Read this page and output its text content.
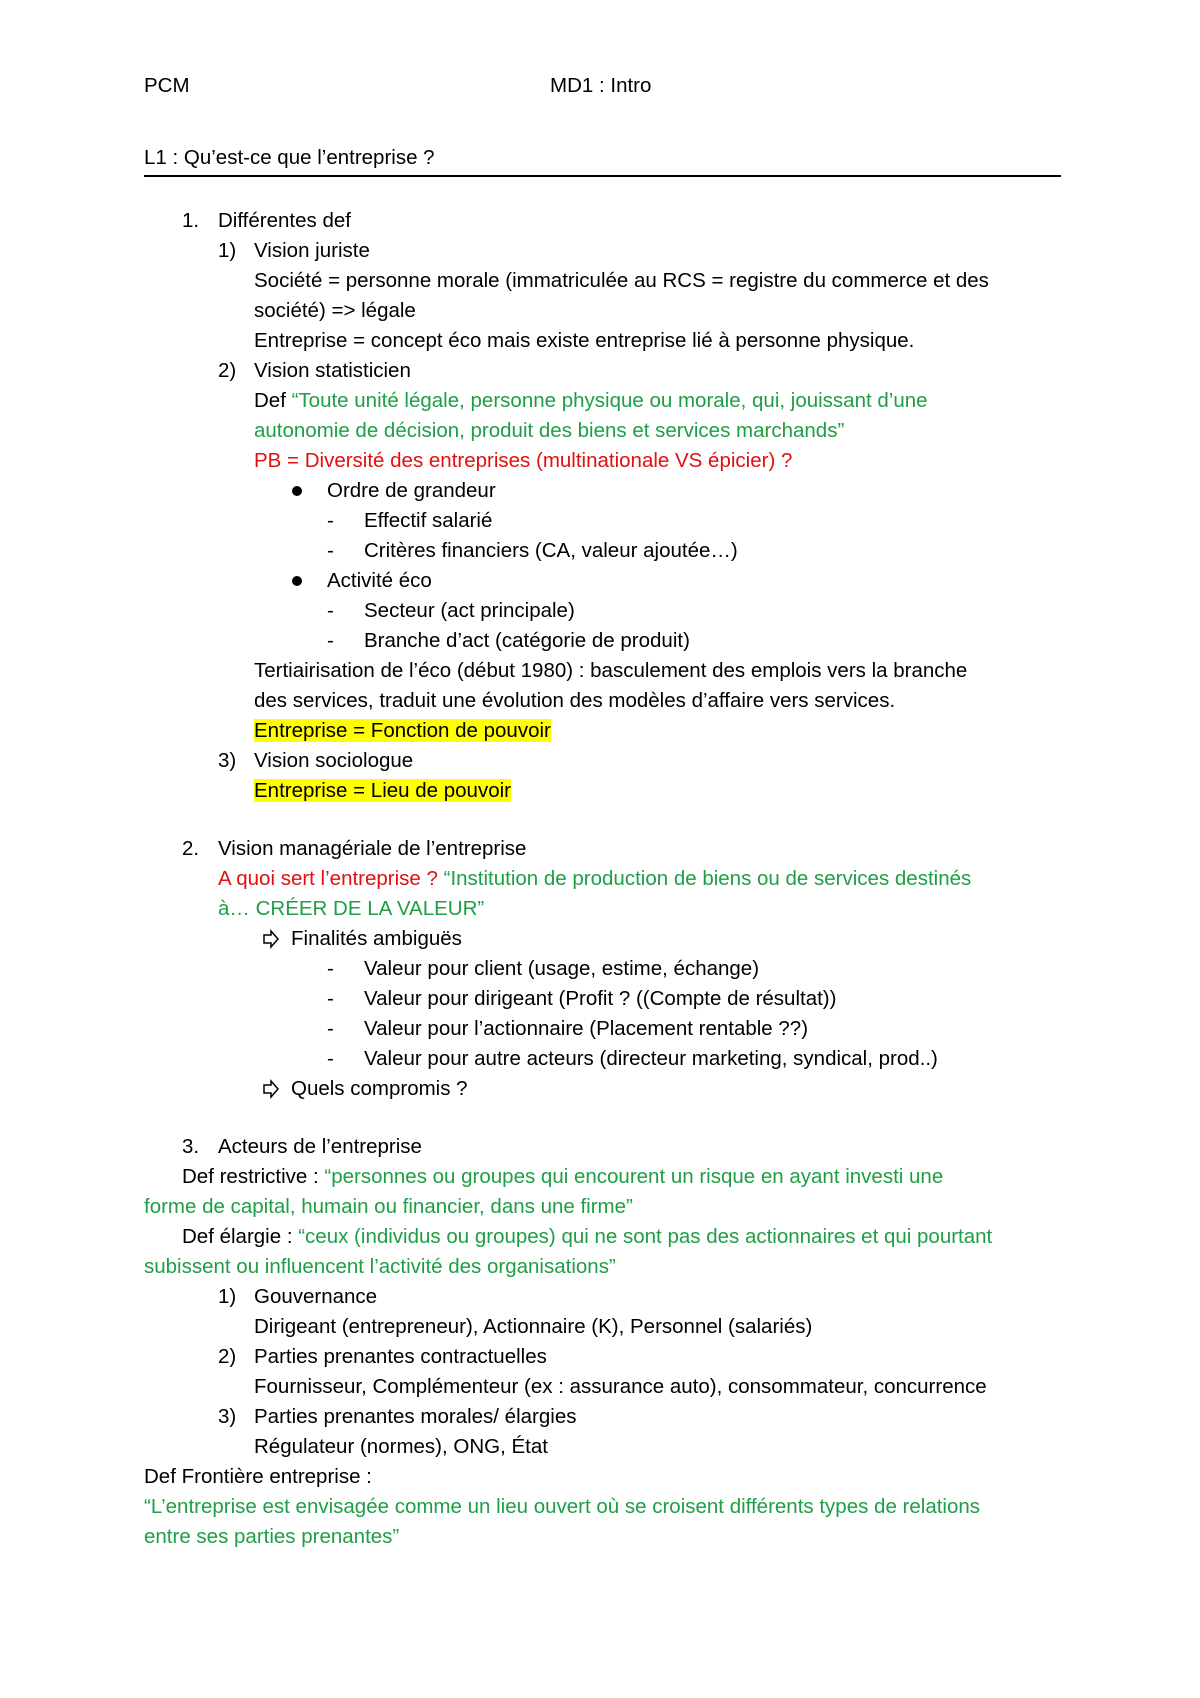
PCM	MD1 : Intro
L1 : Qu’est-ce que l’entreprise ?
1. Différentes def
1) Vision juriste
Société = personne morale (immatriculée au RCS = registre du commerce et des
société) => légale
Entreprise = concept éco mais existe entreprise lié à personne physique.
2) Vision statisticien
Def “Toute unité légale, personne physique ou morale, qui, jouissant d’une
autonomie de décision, produit des biens et services marchands”
PB = Diversité des entreprises (multinationale VS épicier) ?
Ordre de grandeur
- Effectif salarié
- Critères financiers (CA, valeur ajoutée…)
Activité éco
- Secteur (act principale)
- Branche d’act (catégorie de produit)
Tertiairisation de l’éco (début 1980) : basculement des emplois vers la branche
des services, traduit une évolution des modèles d’affaire vers services.
Entreprise = Fonction de pouvoir
3) Vision sociologue
Entreprise = Lieu de pouvoir
2. Vision managériale de l’entreprise
A quoi sert l’entreprise ? “Institution de production de biens ou de services destinés
à… CRÉER DE LA VALEUR”
Finalités ambiguës
- Valeur pour client (usage, estime, échange)
- Valeur pour dirigeant (Profit ? ((Compte de résultat))
- Valeur pour l’actionnaire (Placement rentable ??)
- Valeur pour autre acteurs (directeur marketing, syndical, prod..)
Quels compromis ?
3. Acteurs de l’entreprise
Def restrictive : “personnes ou groupes qui encourent un risque en ayant investi une
forme de capital, humain ou financier, dans une firme”
Def élargie : “ceux (individus ou groupes) qui ne sont pas des actionnaires et qui pourtant
subissent ou influencent l’activité des organisations”
1) Gouvernance
Dirigeant (entrepreneur), Actionnaire (K), Personnel (salariés)
2) Parties prenantes contractuelles
Fournisseur, Complémenteur (ex : assurance auto), consommateur, concurrence
3) Parties prenantes morales/ élargies
Régulateur (normes), ONG, État
Def Frontière entreprise :
“L’entreprise est envisagée comme un lieu ouvert où se croisent différents types de relations
entre ses parties prenantes”
